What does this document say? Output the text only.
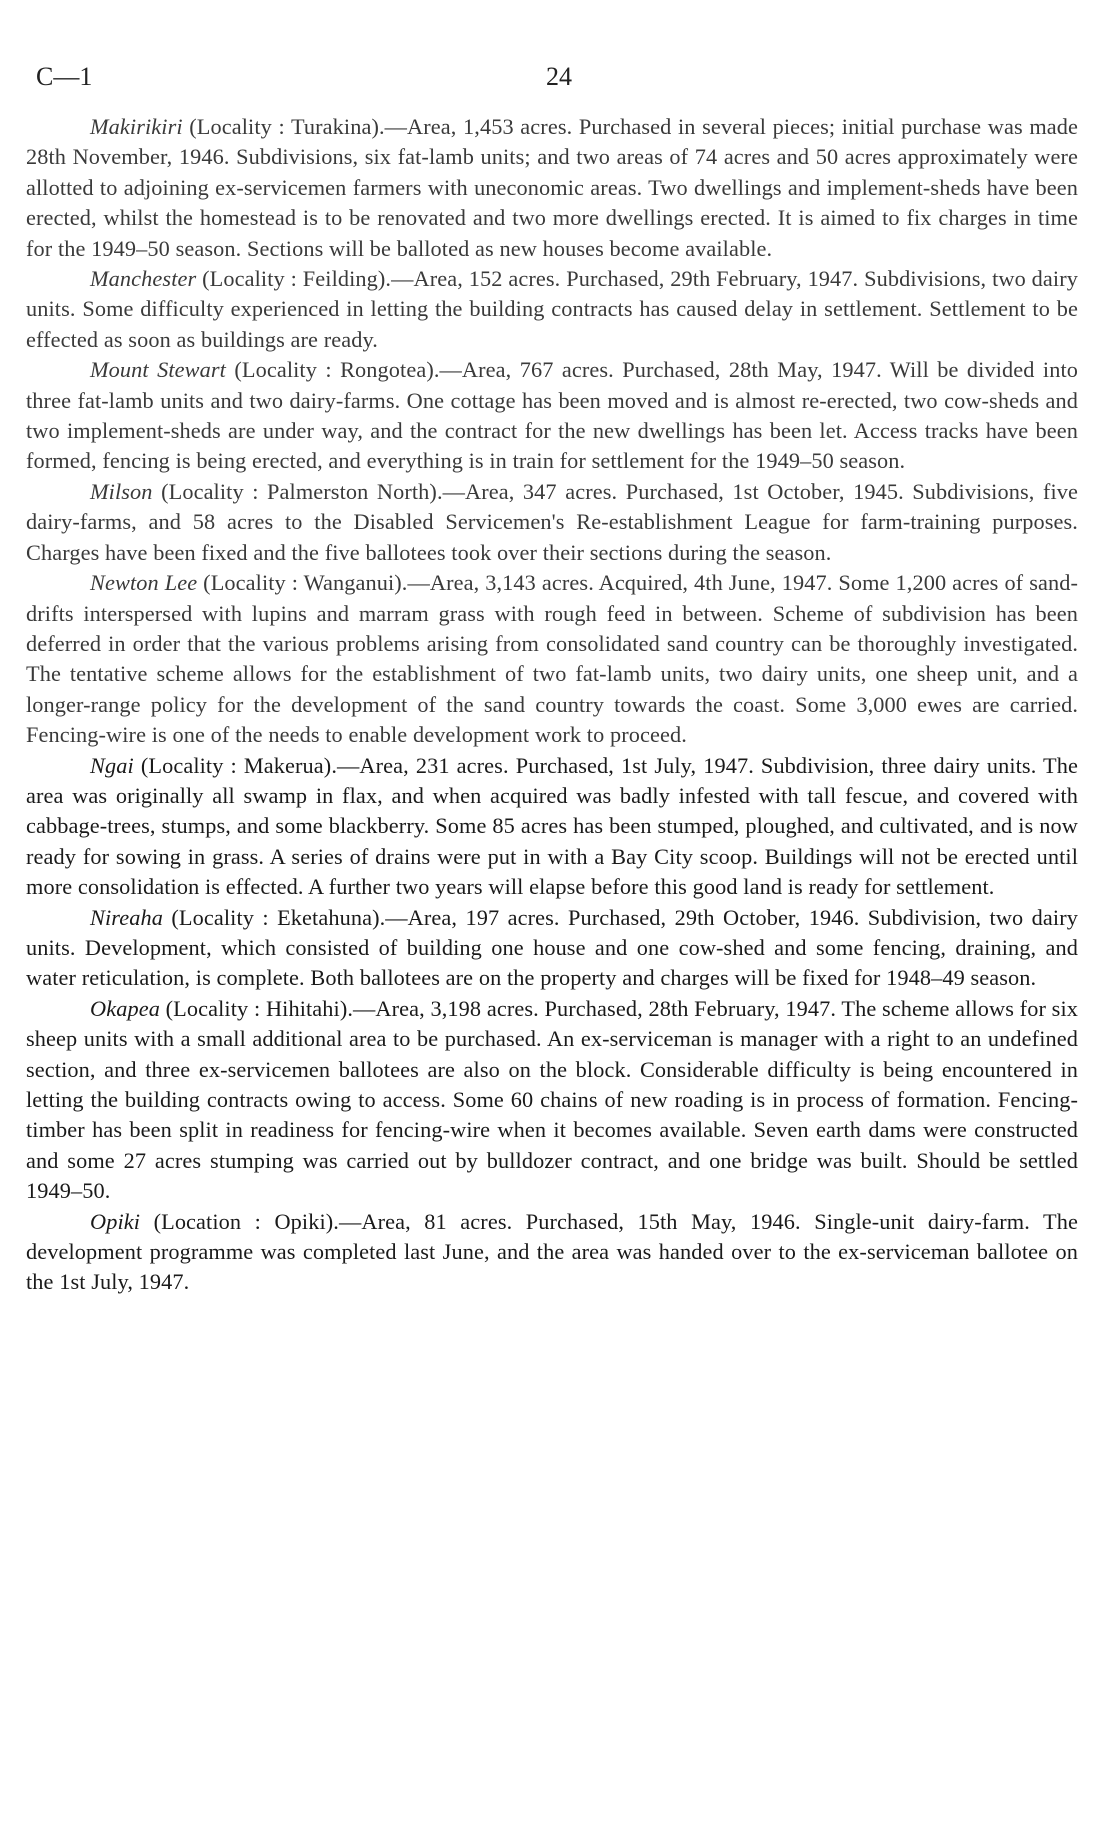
C—1	24

Makirikiri (Locality : Turakina).—Area, 1,453 acres. Purchased in several pieces; initial purchase was made 28th November, 1946. Subdivisions, six fat-lamb units; and two areas of 74 acres and 50 acres approximately were allotted to adjoining ex-servicemen farmers with uneconomic areas. Two dwellings and implement-sheds have been erected, whilst the homestead is to be renovated and two more dwellings erected. It is aimed to fix charges in time for the 1949–50 season. Sections will be balloted as new houses become available.

Manchester (Locality : Feilding).—Area, 152 acres. Purchased, 29th February, 1947. Subdivisions, two dairy units. Some difficulty experienced in letting the building contracts has caused delay in settlement. Settlement to be effected as soon as buildings are ready.

Mount Stewart (Locality : Rongotea).—Area, 767 acres. Purchased, 28th May, 1947. Will be divided into three fat-lamb units and two dairy-farms. One cottage has been moved and is almost re-erected, two cow-sheds and two implement-sheds are under way, and the contract for the new dwellings has been let. Access tracks have been formed, fencing is being erected, and everything is in train for settlement for the 1949–50 season.

Milson (Locality : Palmerston North).—Area, 347 acres. Purchased, 1st October, 1945. Subdivisions, five dairy-farms, and 58 acres to the Disabled Servicemen's Re-establishment League for farm-training purposes. Charges have been fixed and the five ballotees took over their sections during the season.

Newton Lee (Locality : Wanganui).—Area, 3,143 acres. Acquired, 4th June, 1947. Some 1,200 acres of sand-drifts interspersed with lupins and marram grass with rough feed in between. Scheme of subdivision has been deferred in order that the various problems arising from consolidated sand country can be thoroughly investigated. The tentative scheme allows for the establishment of two fat-lamb units, two dairy units, one sheep unit, and a longer-range policy for the development of the sand country towards the coast. Some 3,000 ewes are carried. Fencing-wire is one of the needs to enable development work to proceed.

Ngai (Locality : Makerua).—Area, 231 acres. Purchased, 1st July, 1947. Subdivision, three dairy units. The area was originally all swamp in flax, and when acquired was badly infested with tall fescue, and covered with cabbage-trees, stumps, and some blackberry. Some 85 acres has been stumped, ploughed, and cultivated, and is now ready for sowing in grass. A series of drains were put in with a Bay City scoop. Buildings will not be erected until more consolidation is effected. A further two years will elapse before this good land is ready for settlement.

Nireaha (Locality : Eketahuna).—Area, 197 acres. Purchased, 29th October, 1946. Subdivision, two dairy units. Development, which consisted of building one house and one cow-shed and some fencing, draining, and water reticulation, is complete. Both ballotees are on the property and charges will be fixed for 1948–49 season.

Okapea (Locality : Hihitahi).—Area, 3,198 acres. Purchased, 28th February, 1947. The scheme allows for six sheep units with a small additional area to be purchased. An ex-serviceman is manager with a right to an undefined section, and three ex-servicemen ballotees are also on the block. Considerable difficulty is being encountered in letting the building contracts owing to access. Some 60 chains of new roading is in process of formation. Fencing-timber has been split in readiness for fencing-wire when it becomes available. Seven earth dams were constructed and some 27 acres stumping was carried out by bulldozer contract, and one bridge was built. Should be settled 1949–50.

Opiki (Location : Opiki).—Area, 81 acres. Purchased, 15th May, 1946. Single-unit dairy-farm. The development programme was completed last June, and the area was handed over to the ex-serviceman ballotee on the 1st July, 1947.
